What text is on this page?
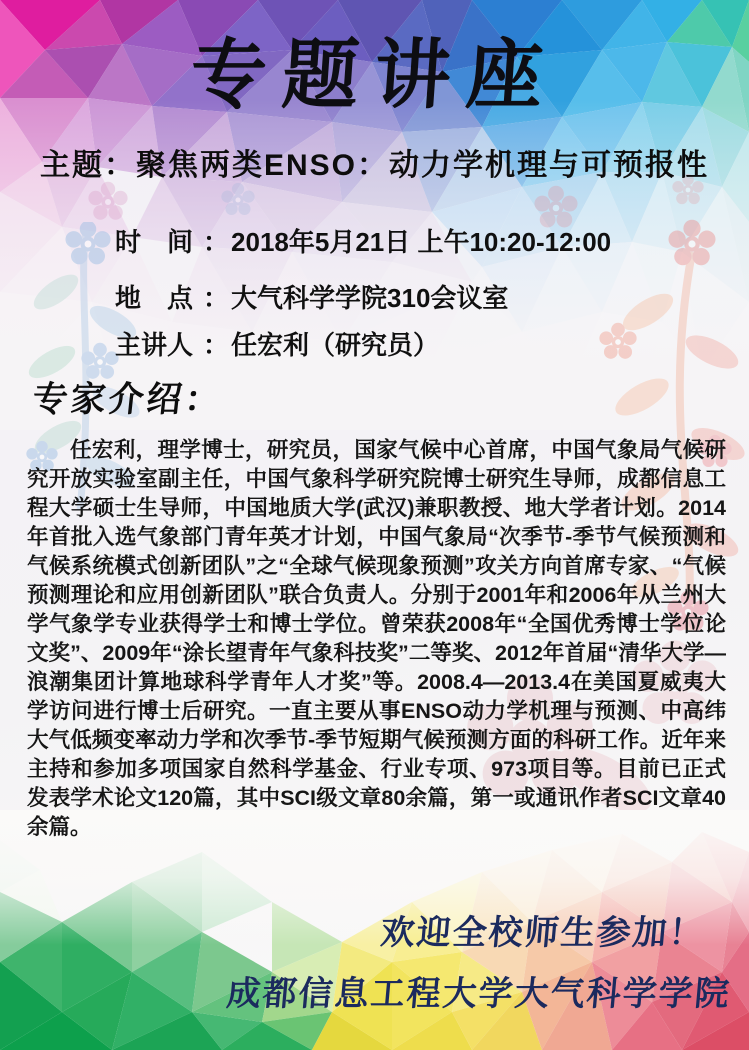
专题讲座
主题：聚焦两类ENSO：动力学机理与可预报性
时　间 ：2018年5月21日 上午10:20-12:00
地　点 ：大气科学学院310会议室
主讲人 ：任宏利（研究员）
专家介绍：

任宏利，理学博士，研究员，国家气候中心首席，中国气象局气候研究开放实验室副主任，中国气象科学研究院博士研究生导师，成都信息工程大学硕士生导师，中国地质大学(武汉)兼职教授、地大学者计划。2014年首批入选气象部门青年英才计划，中国气象局“次季节-季节气候预测和气候系统模式创新团队”之“全球气候现象预测”攻关方向首席专家、“气候预测理论和应用创新团队”联合负责人。分别于2001年和2006年从兰州大学气象学专业获得学士和博士学位。曾荣获2008年“全国优秀博士学位论文奖”、2009年“涂长望青年气象科技奖”二等奖、2012年首届“清华大学—浪潮集团计算地球科学青年人才奖”等。2008.4—2013.4在美国夏威夷大学访问进行博士后研究。一直主要从事ENSO动力学机理与预测、中高纬大气低频变率动力学和次季节-季节短期气候预测方面的科研工作。近年来主持和参加多项国家自然科学基金、行业专项、973项目等。目前已正式发表学术论文120篇，其中SCI级文章80余篇，第一或通讯作者SCI文章40余篇。

欢迎全校师生参加！
成都信息工程大学大气科学学院
